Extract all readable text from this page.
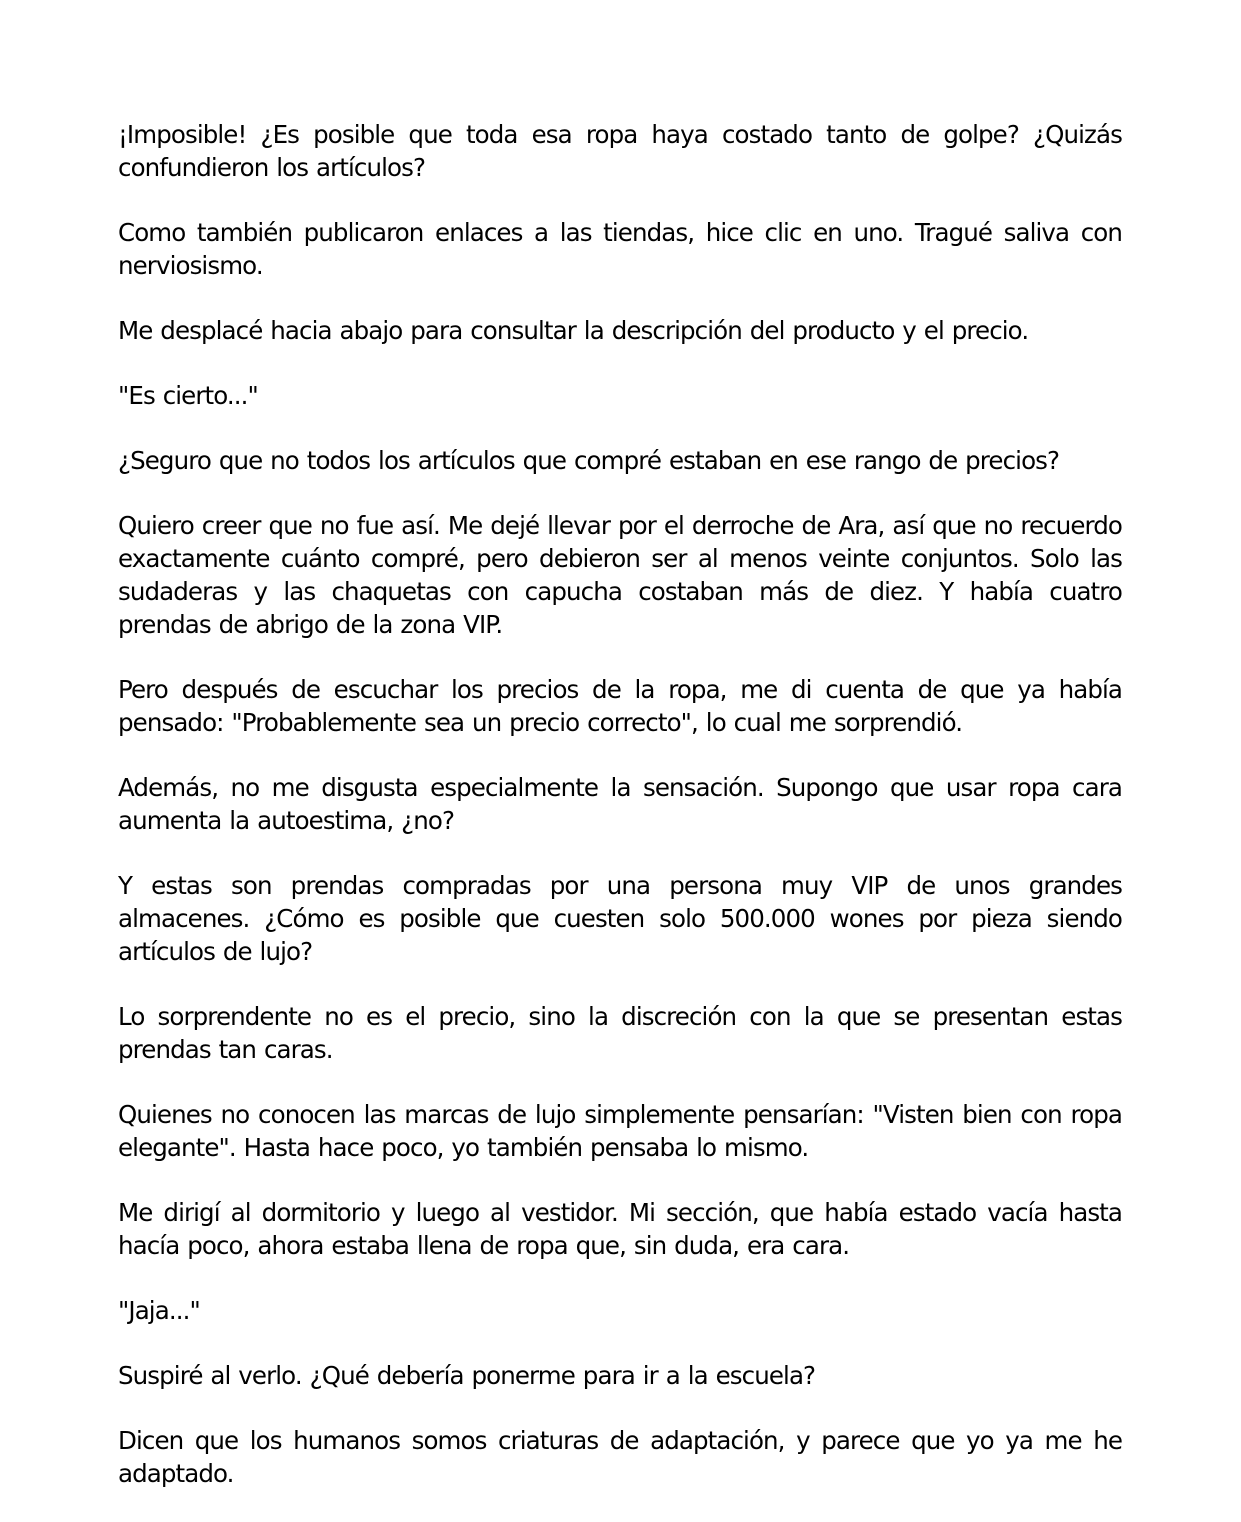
¡Imposible! ¿Es posible que toda esa ropa haya costado tanto de golpe? ¿Quizás confundieron los artículos?

Como también publicaron enlaces a las tiendas, hice clic en uno. Tragué saliva con nerviosismo.

Me desplacé hacia abajo para consultar la descripción del producto y el precio.

"Es cierto..."

¿Seguro que no todos los artículos que compré estaban en ese rango de precios?

Quiero creer que no fue así. Me dejé llevar por el derroche de Ara, así que no recuerdo exactamente cuánto compré, pero debieron ser al menos veinte conjuntos. Solo las sudaderas y las chaquetas con capucha costaban más de diez. Y había cuatro prendas de abrigo de la zona VIP.

Pero después de escuchar los precios de la ropa, me di cuenta de que ya había pensado: "Probablemente sea un precio correcto", lo cual me sorprendió.

Además, no me disgusta especialmente la sensación. Supongo que usar ropa cara aumenta la autoestima, ¿no?

Y estas son prendas compradas por una persona muy VIP de unos grandes almacenes. ¿Cómo es posible que cuesten solo 500.000 wones por pieza siendo artículos de lujo?

Lo sorprendente no es el precio, sino la discreción con la que se presentan estas prendas tan caras.

Quienes no conocen las marcas de lujo simplemente pensarían: "Visten bien con ropa elegante". Hasta hace poco, yo también pensaba lo mismo.

Me dirigí al dormitorio y luego al vestidor. Mi sección, que había estado vacía hasta hacía poco, ahora estaba llena de ropa que, sin duda, era cara.

"Jaja..."

Suspiré al verlo. ¿Qué debería ponerme para ir a la escuela?

Dicen que los humanos somos criaturas de adaptación, y parece que yo ya me he adaptado.
